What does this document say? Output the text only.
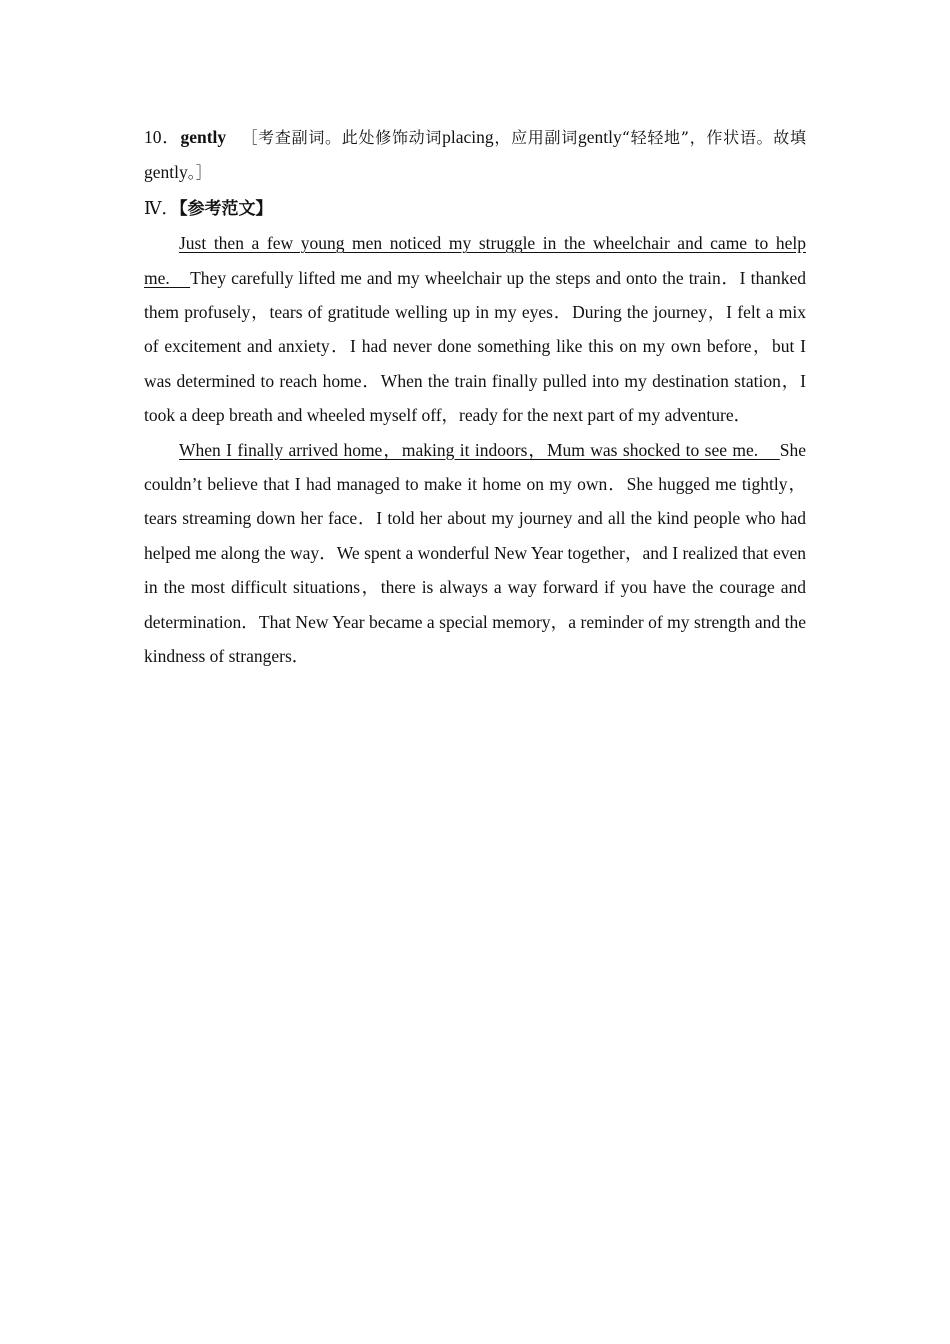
10．gently ［考查副词。此处修饰动词placing，应用副词gently“轻轻地”，作状语。故填gently。］

Ⅳ．【参考范文】

Just then a few young men noticed my struggle in the wheelchair and came to help me. They carefully lifted me and my wheelchair up the steps and onto the train．I thanked them profusely，tears of gratitude welling up in my eyes．During the journey，I felt a mix of excitement and anxiety．I had never done something like this on my own before，but I was determined to reach home．When the train finally pulled into my destination station，I took a deep breath and wheeled myself off，ready for the next part of my adventure．

When I finally arrived home，making it indoors，Mum was shocked to see me. She couldn’t believe that I had managed to make it home on my own．She hugged me tightly，tears streaming down her face．I told her about my journey and all the kind people who had helped me along the way．We spent a wonderful New Year together，and I realized that even in the most difficult situations，there is always a way forward if you have the courage and determination．That New Year became a special memory，a reminder of my strength and the kindness of strangers．
